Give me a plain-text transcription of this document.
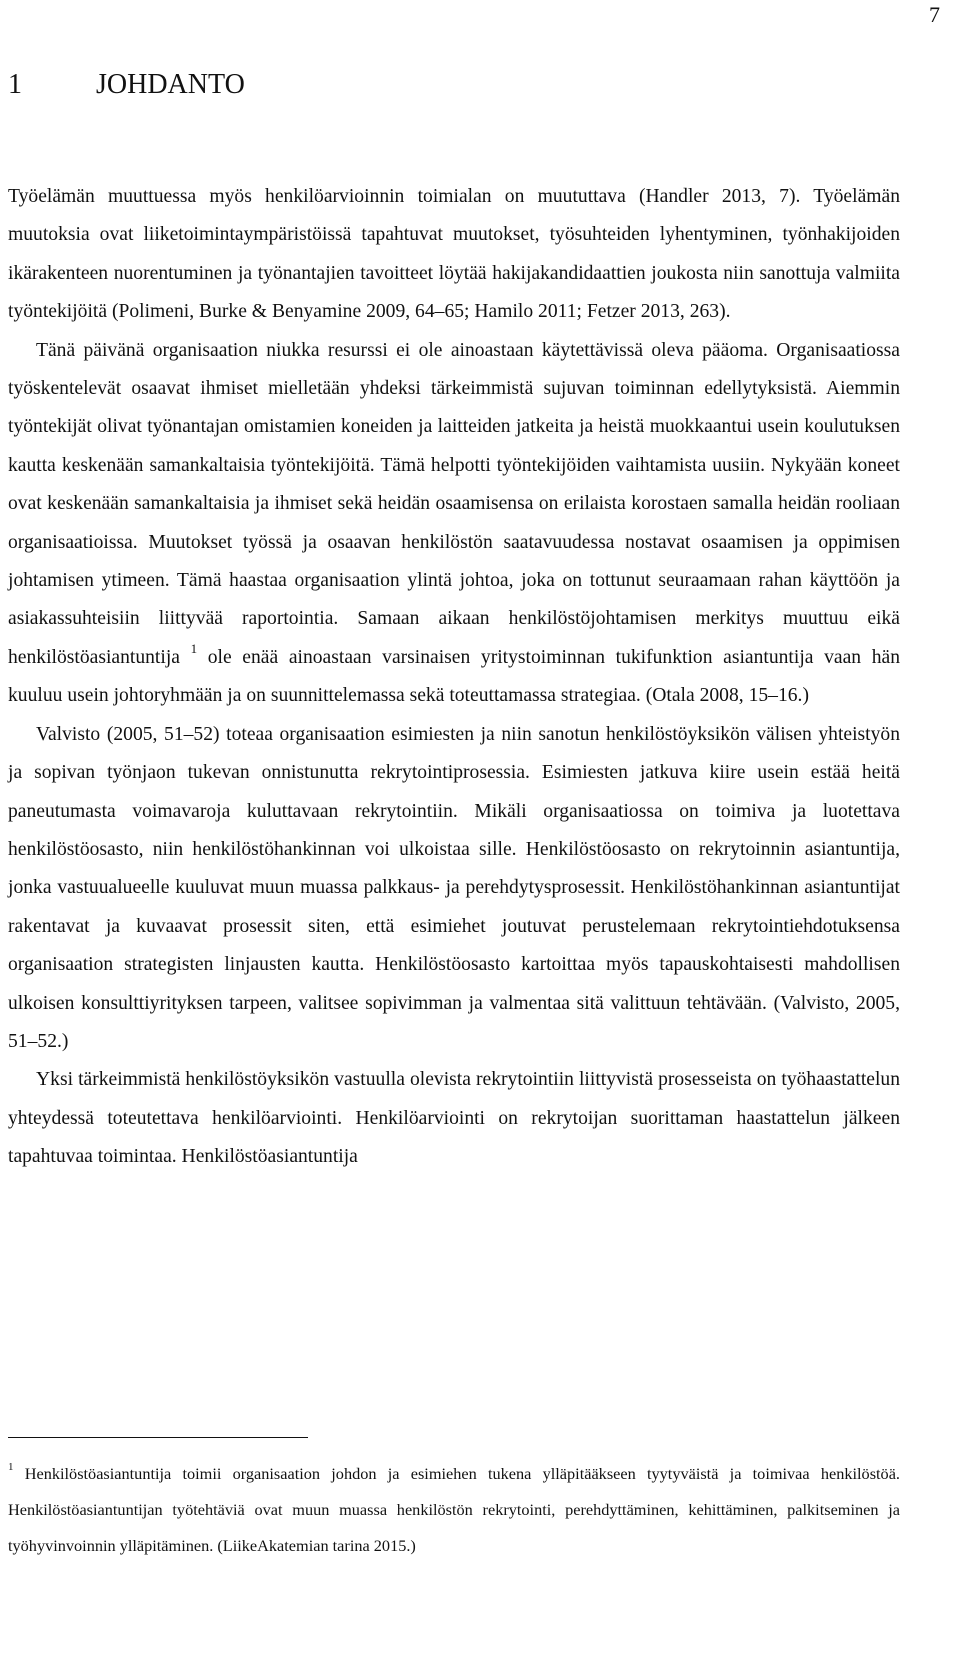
7
1	JOHDANTO

Työelämän muuttuessa myös henkilöarvioinnin toimialan on muututtava (Handler 2013, 7). Työelämän muutoksia ovat liiketoimintaympäristöissä tapahtuvat muutokset, työsuhteiden lyhentyminen, työnhakijoiden ikärakenteen nuorentuminen ja työnantajien tavoitteet löytää hakijakandidaattien joukosta niin sanottuja valmiita työntekijöitä (Polimeni, Burke & Benyamine 2009, 64–65; Hamilo 2011; Fetzer 2013, 263).

Tänä päivänä organisaation niukka resurssi ei ole ainoastaan käytettävissä oleva pääoma. Organisaatiossa työskentelevät osaavat ihmiset mielletään yhdeksi tärkeimmistä sujuvan toiminnan edellytyksistä. Aiemmin työntekijät olivat työnantajan omistamien koneiden ja laitteiden jatkeita ja heistä muokkaantui usein koulutuksen kautta keskenään samankaltaisia työntekijöitä. Tämä helpotti työntekijöiden vaihtamista uusiin. Nykyään koneet ovat keskenään samankaltaisia ja ihmiset sekä heidän osaamisensa on erilaista korostaen samalla heidän rooliaan organisaatioissa. Muutokset työssä ja osaavan henkilöstön saatavuudessa nostavat osaamisen ja oppimisen johtamisen ytimeen. Tämä haastaa organisaation ylintä johtoa, joka on tottunut seuraamaan rahan käyttöön ja asiakassuhteisiin liittyvää raportointia. Samaan aikaan henkilöstöjohtamisen merkitys muuttuu eikä henkilöstöasiantuntija $^1$ ole enää ainoastaan varsinaisen yritystoiminnan tukifunktion asiantuntija vaan hän kuuluu usein johtoryhmään ja on suunnittelemassa sekä toteuttamassa strategiaa. (Otala 2008, 15–16.)

Valvisto (2005, 51–52) toteaa organisaation esimiesten ja niin sanotun henkilöstöyksikön välisen yhteistyön ja sopivan työnjaon tukevan onnistunutta rekrytointiprosessia. Esimiesten jatkuva kiire usein estää heitä paneutumasta voimavaroja kuluttavaan rekrytointiin. Mikäli organisaatiossa on toimiva ja luotettava henkilöstöosasto, niin henkilöstöhankinnan voi ulkoistaa sille. Henkilöstöosasto on rekrytoinnin asiantuntija, jonka vastuualueelle kuuluvat muun muassa palkkaus- ja perehdytysprosessit. Henkilöstöhankinnan asiantuntijat rakentavat ja kuvaavat prosessit siten, että esimiehet joutuvat perustelemaan rekrytointiehdotuksensa organisaation strategisten linjausten kautta. Henkilöstöosasto kartoittaa myös tapauskohtaisesti mahdollisen ulkoisen konsulttiyrityksen tarpeen, valitsee sopivimman ja valmentaa sitä valittuun tehtävään. (Valvisto, 2005, 51–52.)

Yksi tärkeimmistä henkilöstöyksikön vastuulla olevista rekrytointiin liittyvistä prosesseista on työhaastattelun yhteydessä toteutettava henkilöarviointi. Henkilöarviointi on rekrytoijan suorittaman haastattelun jälkeen tapahtuvaa toimintaa. Henkilöstöasiantuntija

$^1$ Henkilöstöasiantuntija toimii organisaation johdon ja esimiehen tukena ylläpitääkseen tyytyväistä ja toimivaa henkilöstöä. Henkilöstöasiantuntijan työtehtäviä ovat muun muassa henkilöstön rekrytointi, perehdyttäminen, kehittäminen, palkitseminen ja työhyvinvoinnin ylläpitäminen. (LiikeAkatemian tarina 2015.)
